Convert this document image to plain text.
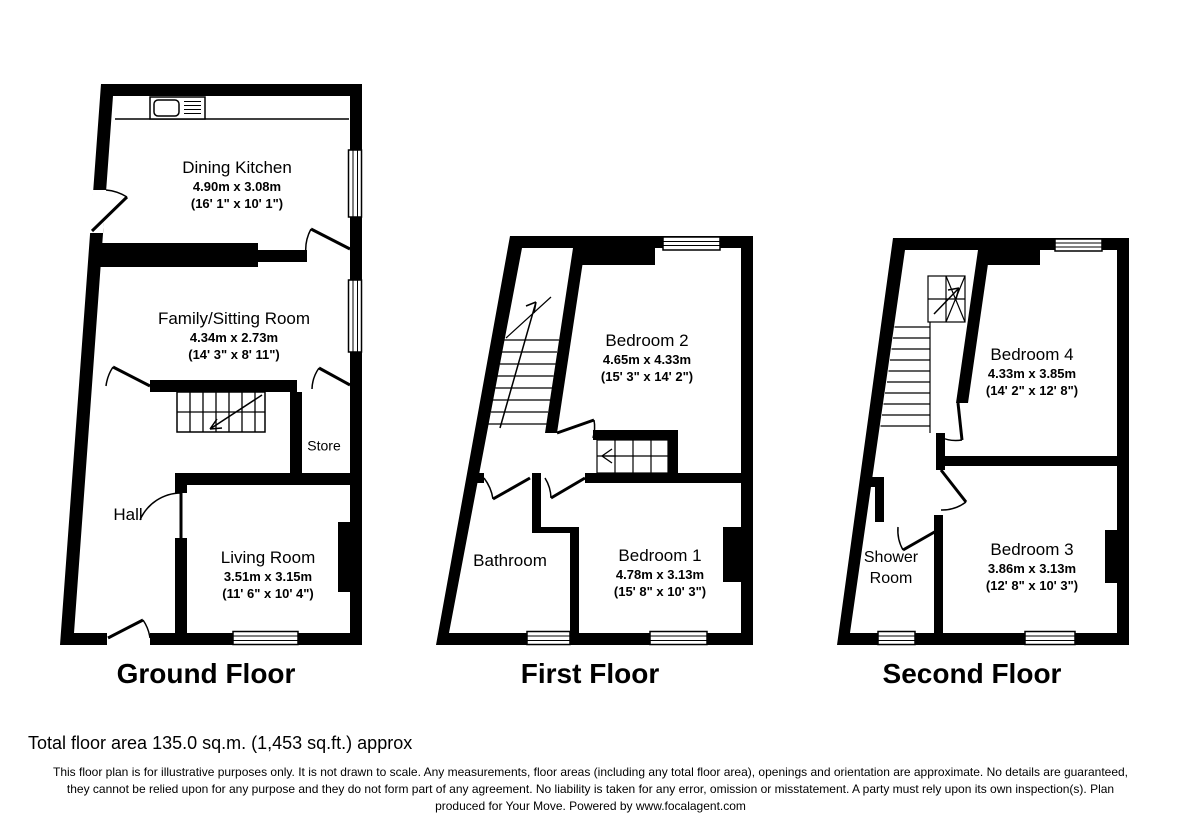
Dining Kitchen
4.90m x 3.08m
(16' 1" x 10' 1")
Family/Sitting Room
4.34m x 2.73m
(14' 3" x 8' 11")
Store
Hall
Living Room
3.51m x 3.15m
(11' 6" x 10' 4")
Bedroom 2
4.65m x 4.33m
(15' 3" x 14' 2")
Bathroom	Bedroom 1
4.78m x 3.13m
(15' 8" x 10' 3")
Bedroom 4
4.33m x 3.85m
(14' 2" x 12' 8")
Shower
Room
Bedroom 3
3.86m x 3.13m
(12' 8" x 10' 3")
Ground Floor	First Floor	Second Floor
Total floor area 135.0 sq.m. (1,453 sq.ft.) approx
This floor plan is for illustrative purposes only. It is not drawn to scale. Any measurements, floor areas (including any total floor area), openings and orientation are approximate. No details are guaranteed,
they cannot be relied upon for any purpose and they do not form part of any agreement. No liability is taken for any error, omission or misstatement. A party must rely upon its own inspection(s). Plan
produced for Your Move. Powered by www.focalagent.com
